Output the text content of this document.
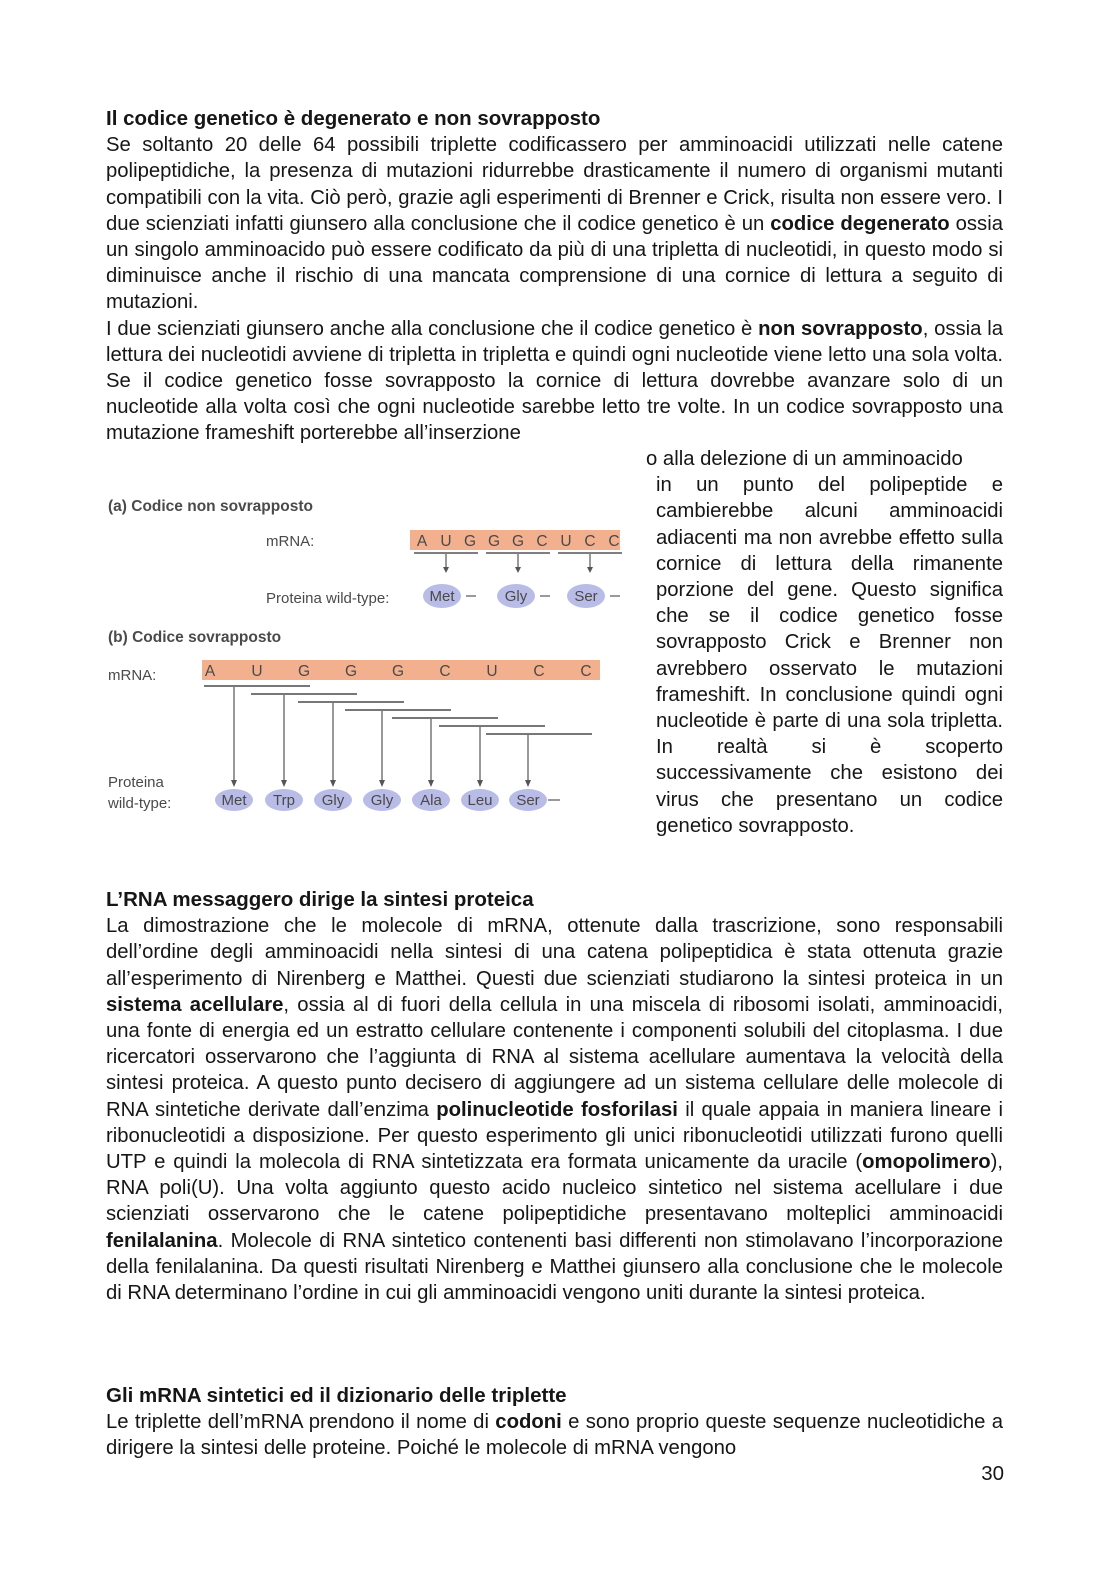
Il codice genetico è degenerato e non sovrapposto

Se soltanto 20 delle 64 possibili triplette codificassero per amminoacidi utilizzati nelle catene polipeptidiche, la presenza di mutazioni ridurrebbe drasticamente il numero di organismi mutanti compatibili con la vita. Ciò però, grazie agli esperimenti di Brenner e Crick, risulta non essere vero. I due scienziati infatti giunsero alla conclusione che il codice genetico è un codice degenerato ossia un singolo amminoacido può essere codificato da più di una tripletta di nucleotidi, in questo modo si diminuisce anche il rischio di una mancata comprensione di una cornice di lettura a seguito di mutazioni.

I due scienziati giunsero anche alla conclusione che il codice genetico è non sovrapposto, ossia la lettura dei nucleotidi avviene di tripletta in tripletta e quindi ogni nucleotide viene letto una sola volta. Se il codice genetico fosse sovrapposto la cornice di lettura dovrebbe avanzare solo di un nucleotide alla volta così che ogni nucleotide sarebbe letto tre volte. In un codice sovrapposto una mutazione frameshift porterebbe all’inserzione

o alla delezione di un amminoacido
in un punto del polipeptide e cambierebbe alcuni amminoacidi adiacenti ma non avrebbe effetto sulla cornice di lettura della rimanente porzione del gene. Questo significa che se il codice genetico fosse sovrapposto Crick e Brenner non avrebbero osservato le mutazioni frameshift. In conclusione quindi ogni nucleotide è parte di una sola tripletta. In realtà si è scoperto successivamente che esistono dei virus che presentano un codice genetico sovrapposto.
(a) Codice non sovrapposto
mRNA:	A U G G G C U C C
Proteina wild-type:	Met	Gly	Ser
(b) Codice sovrapposto
mRNA:	A U G G G C U C C
Proteina
wild-type:	Met Trp Gly Gly Ala Leu Ser
L’RNA messaggero dirige la sintesi proteica

La dimostrazione che le molecole di mRNA, ottenute dalla trascrizione, sono responsabili dell’ordine degli amminoacidi nella sintesi di una catena polipeptidica è stata ottenuta grazie all’esperimento di Nirenberg e Matthei. Questi due scienziati studiarono la sintesi proteica in un sistema acellulare, ossia al di fuori della cellula in una miscela di ribosomi isolati, amminoacidi, una fonte di energia ed un estratto cellulare contenente i componenti solubili del citoplasma. I due ricercatori osservarono che l’aggiunta di RNA al sistema acellulare aumentava la velocità della sintesi proteica. A questo punto decisero di aggiungere ad un sistema cellulare delle molecole di RNA sintetiche derivate dall’enzima polinucleotide fosforilasi il quale appaia in maniera lineare i ribonucleotidi a disposizione. Per questo esperimento gli unici ribonucleotidi utilizzati furono quelli UTP e quindi la molecola di RNA sintetizzata era formata unicamente da uracile (omopolimero), RNA poli(U). Una volta aggiunto questo acido nucleico sintetico nel sistema acellulare i due scienziati osservarono che le catene polipeptidiche presentavano molteplici amminoacidi fenilalanina. Molecole di RNA sintetico contenenti basi differenti non stimolavano l’incorporazione della fenilalanina. Da questi risultati Nirenberg e Matthei giunsero alla conclusione che le molecole di RNA determinano l’ordine in cui gli amminoacidi vengono uniti durante la sintesi proteica.

Gli mRNA sintetici ed il dizionario delle triplette

Le triplette dell’mRNA prendono il nome di codoni e sono proprio queste sequenze nucleotidiche a dirigere la sintesi delle proteine. Poiché le molecole di mRNA vengono

30
